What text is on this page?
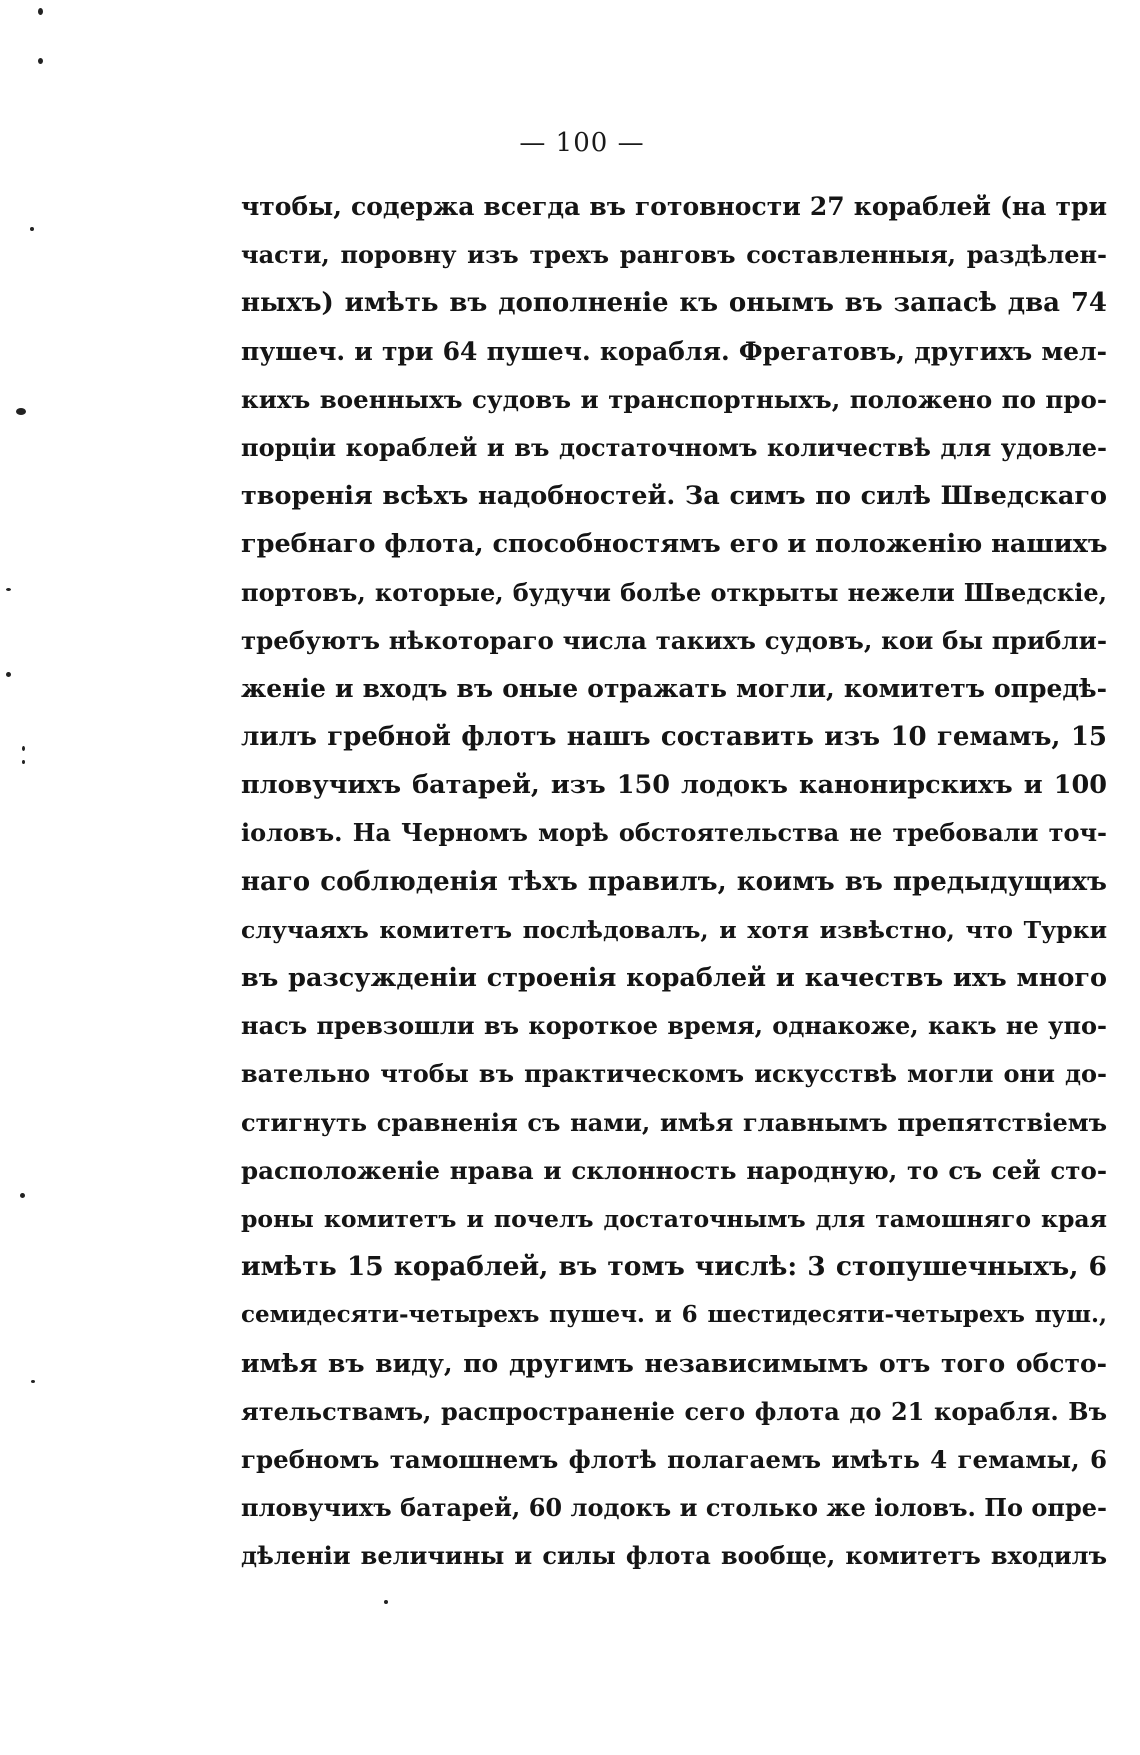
— 100 —
чтобы, содержа всегда въ готовности 27 кораблей (на три
части, поровну изъ трехъ ранговъ составленныя, раздѣлен-
ныхъ) имѣть въ дополненіе къ онымъ въ запасѣ два 74
пушеч. и три 64 пушеч. корабля. Фрегатовъ, другихъ мел-
кихъ военныхъ судовъ и транспортныхъ, положено по пpo-
порціи кораблей и въ достаточномъ количествѣ для удовле-
творенія всѣхъ надобностей. За симъ по силѣ Шведскаго
гребнаго флота, способностямъ его и положенію нашихъ
портовъ, которые, будучи болѣе открыты нежели Шведскіе,
требуютъ нѣкотораго числа такихъ судовъ, кои бы прибли-
женіе и входъ въ оные отражать могли, комитетъ опредѣ-
лилъ гребной флотъ нашъ составить изъ 10 гемамъ, 15
пловучихъ батарей, изъ 150 лодокъ канонирскихъ и 100
іоловъ. На Черномъ морѣ обстоятельства не требовали точ-
наго соблюденія тѣхъ правилъ, коимъ въ предыдущихъ
случаяхъ комитетъ послѣдовалъ, и хотя извѣстно, что Турки
въ разсужденіи строенія кораблей и качествъ ихъ много
насъ превзошли въ короткое время, однакоже, какъ не упо-
вательно чтобы въ практическомъ искусствѣ могли они до-
стигнуть сравненія съ нами, имѣя главнымъ препятствіемъ
расположеніе нрава и склонность народную, то съ сей сто-
роны комитетъ и почелъ достаточнымъ для тамошняго края
имѣть 15 кораблей, въ томъ числѣ: 3 стопушечныхъ, 6
семидесяти-четырехъ пушеч. и 6 шестидесяти-четырехъ пуш.,
имѣя въ виду, по другимъ независимымъ отъ того обсто-
ятельствамъ, распространеніе сего флота до 21 корабля. Въ
гребномъ тамошнемъ флотѣ полагаемъ имѣть 4 гемамы, 6
пловучихъ батарей, 60 лодокъ и столько же іоловъ. По опре-
дѣленіи величины и силы флота вообще, комитетъ входилъ
